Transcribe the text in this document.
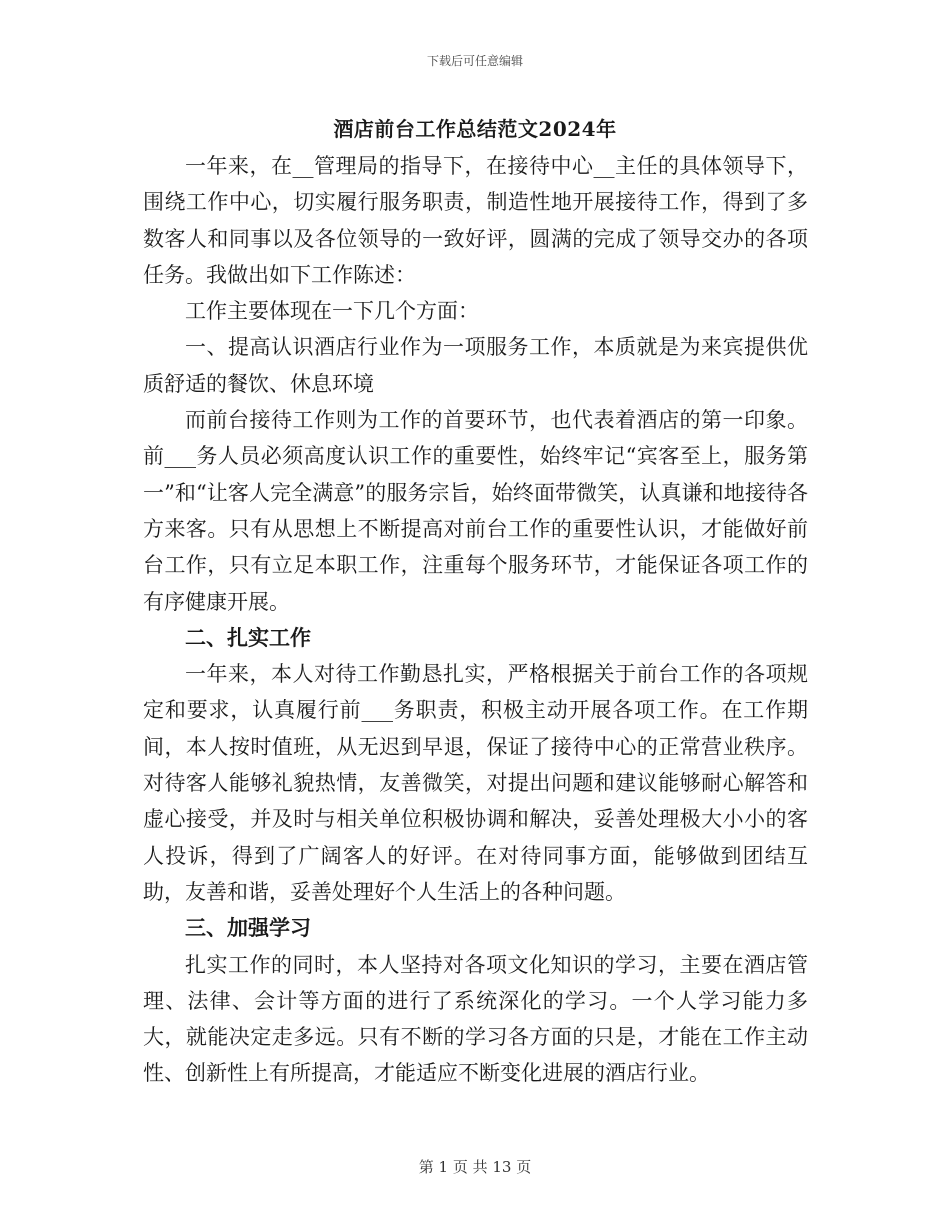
下载后可任意编辑
酒店前台工作总结范文2024年

一年来，在__管理局的指导下，在接待中心__主任的具体领导下，围绕工作中心，切实履行服务职责，制造性地开展接待工作，得到了多数客人和同事以及各位领导的一致好评，圆满的完成了领导交办的各项任务。我做出如下工作陈述：

工作主要体现在一下几个方面：

一、提高认识酒店行业作为一项服务工作，本质就是为来宾提供优质舒适的餐饮、休息环境

而前台接待工作则为工作的首要环节，也代表着酒店的第一印象。前___务人员必须高度认识工作的重要性，始终牢记“宾客至上，服务第一”和“让客人完全满意”的服务宗旨，始终面带微笑，认真谦和地接待各方来客。只有从思想上不断提高对前台工作的重要性认识，才能做好前台工作，只有立足本职工作，注重每个服务环节，才能保证各项工作的有序健康开展。

二、扎实工作

一年来，本人对待工作勤恳扎实，严格根据关于前台工作的各项规定和要求，认真履行前___务职责，积极主动开展各项工作。在工作期间，本人按时值班，从无迟到早退，保证了接待中心的正常营业秩序。对待客人能够礼貌热情，友善微笑，对提出问题和建议能够耐心解答和虚心接受，并及时与相关单位积极协调和解决，妥善处理极大小小的客人投诉，得到了广阔客人的好评。在对待同事方面，能够做到团结互助，友善和谐，妥善处理好个人生活上的各种问题。

三、加强学习

扎实工作的同时，本人坚持对各项文化知识的学习，主要在酒店管理、法律、会计等方面的进行了系统深化的学习。一个人学习能力多大，就能决定走多远。只有不断的学习各方面的只是，才能在工作主动性、创新性上有所提高，才能适应不断变化进展的酒店行业。

第 1 页 共 13 页
